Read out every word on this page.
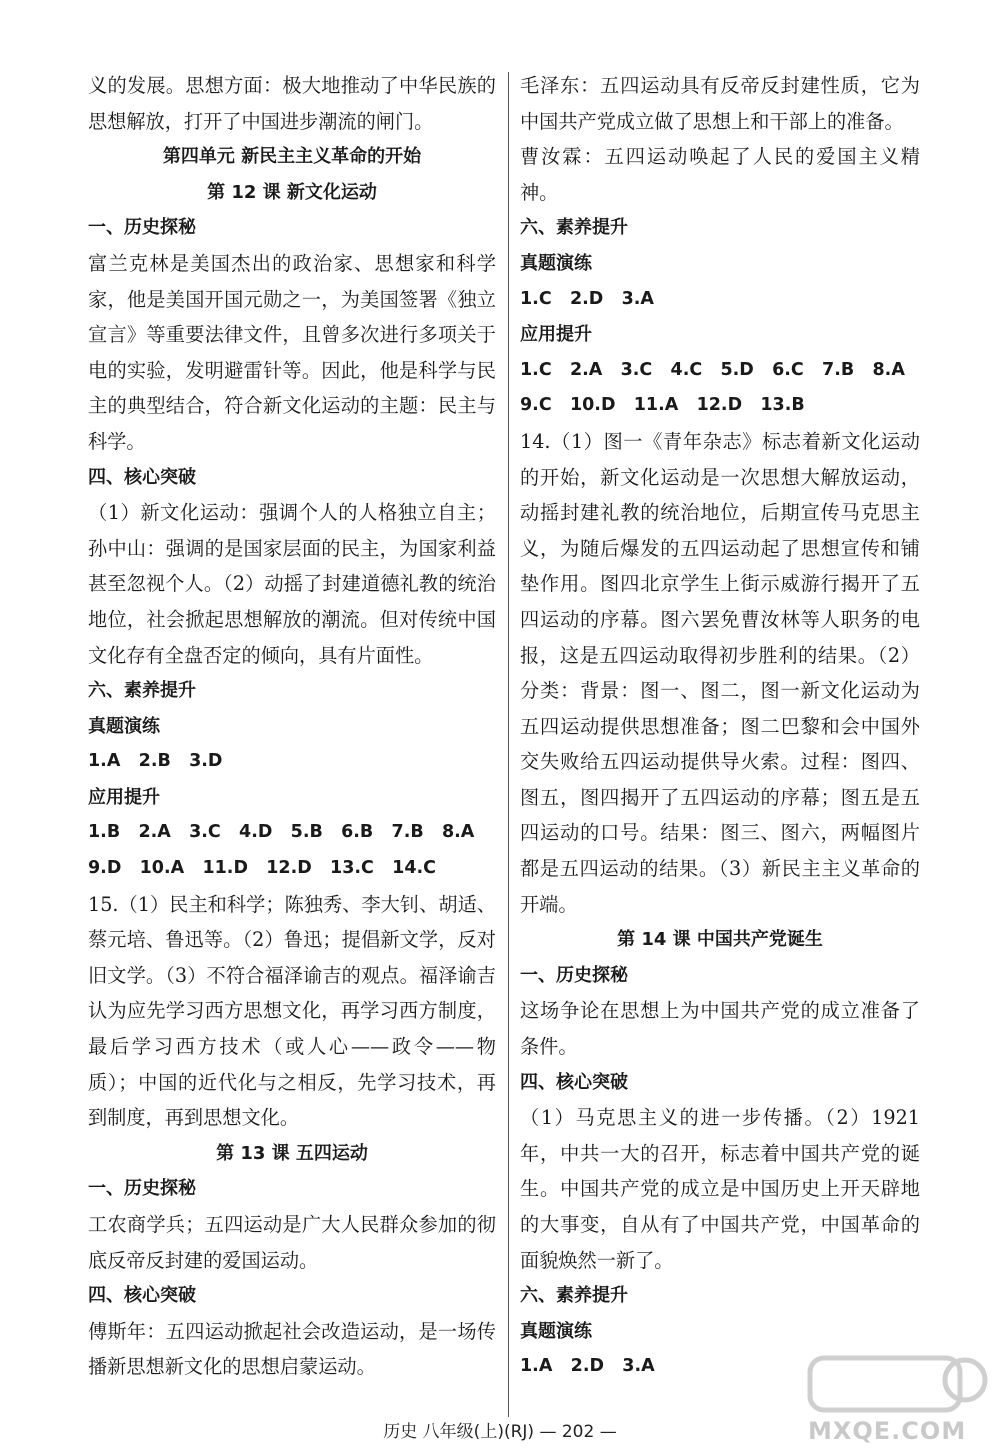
义的发展。思想方面：极大地推动了中华民族的思想解放，打开了中国进步潮流的闸门。

第四单元 新民主主义革命的开始

第 12 课 新文化运动

一、历史探秘

富兰克林是美国杰出的政治家、思想家和科学家，他是美国开国元勋之一，为美国签署《独立宣言》等重要法律文件，且曾多次进行多项关于电的实验，发明避雷针等。因此，他是科学与民主的典型结合，符合新文化运动的主题：民主与科学。

四、核心突破

（1）新文化运动：强调个人的人格独立自主；孙中山：强调的是国家层面的民主，为国家利益甚至忽视个人。（2）动摇了封建道德礼教的统治地位，社会掀起思想解放的潮流。但对传统中国文化存有全盘否定的倾向，具有片面性。

六、素养提升

真题演练

1.A   2.B   3.D

应用提升

1.B   2.A   3.C   4.D   5.B   6.B   7.B   8.A

9.D   10.A   11.D   12.D   13.C   14.C

15.（1）民主和科学；陈独秀、李大钊、胡适、蔡元培、鲁迅等。（2）鲁迅；提倡新文学，反对旧文学。（3）不符合福泽谕吉的观点。福泽谕吉认为应先学习西方思想文化，再学习西方制度，最后学习西方技术（或人心——政令——物质）；中国的近代化与之相反，先学习技术，再到制度，再到思想文化。

第 13 课 五四运动

一、历史探秘

工农商学兵；五四运动是广大人民群众参加的彻底反帝反封建的爱国运动。

四、核心突破

傅斯年：五四运动掀起社会改造运动，是一场传播新思想新文化的思想启蒙运动。

毛泽东：五四运动具有反帝反封建性质，它为中国共产党成立做了思想上和干部上的准备。

曹汝霖：五四运动唤起了人民的爱国主义精神。

六、素养提升

真题演练

1.C   2.D   3.A

应用提升

1.C   2.A   3.C   4.C   5.D   6.C   7.B   8.A

9.C   10.D   11.A   12.D   13.B

14.（1）图一《青年杂志》标志着新文化运动的开始，新文化运动是一次思想大解放运动，动摇封建礼教的统治地位，后期宣传马克思主义，为随后爆发的五四运动起了思想宣传和铺垫作用。图四北京学生上街示威游行揭开了五四运动的序幕。图六罢免曹汝林等人职务的电报，这是五四运动取得初步胜利的结果。（2）分类：背景：图一、图二，图一新文化运动为五四运动提供思想准备；图二巴黎和会中国外交失败给五四运动提供导火索。过程：图四、图五，图四揭开了五四运动的序幕；图五是五四运动的口号。结果：图三、图六，两幅图片都是五四运动的结果。（3）新民主主义革命的开端。

第 14 课 中国共产党诞生

一、历史探秘

这场争论在思想上为中国共产党的成立准备了条件。

四、核心突破

（1）马克思主义的进一步传播。（2）1921 年，中共一大的召开，标志着中国共产党的诞生。中国共产党的成立是中国历史上开天辟地的大事变，自从有了中国共产党，中国革命的面貌焕然一新了。

六、素养提升

真题演练

1.A   2.D   3.A

历史 八年级(上)(RJ) — 202 —	MXQE.COM
